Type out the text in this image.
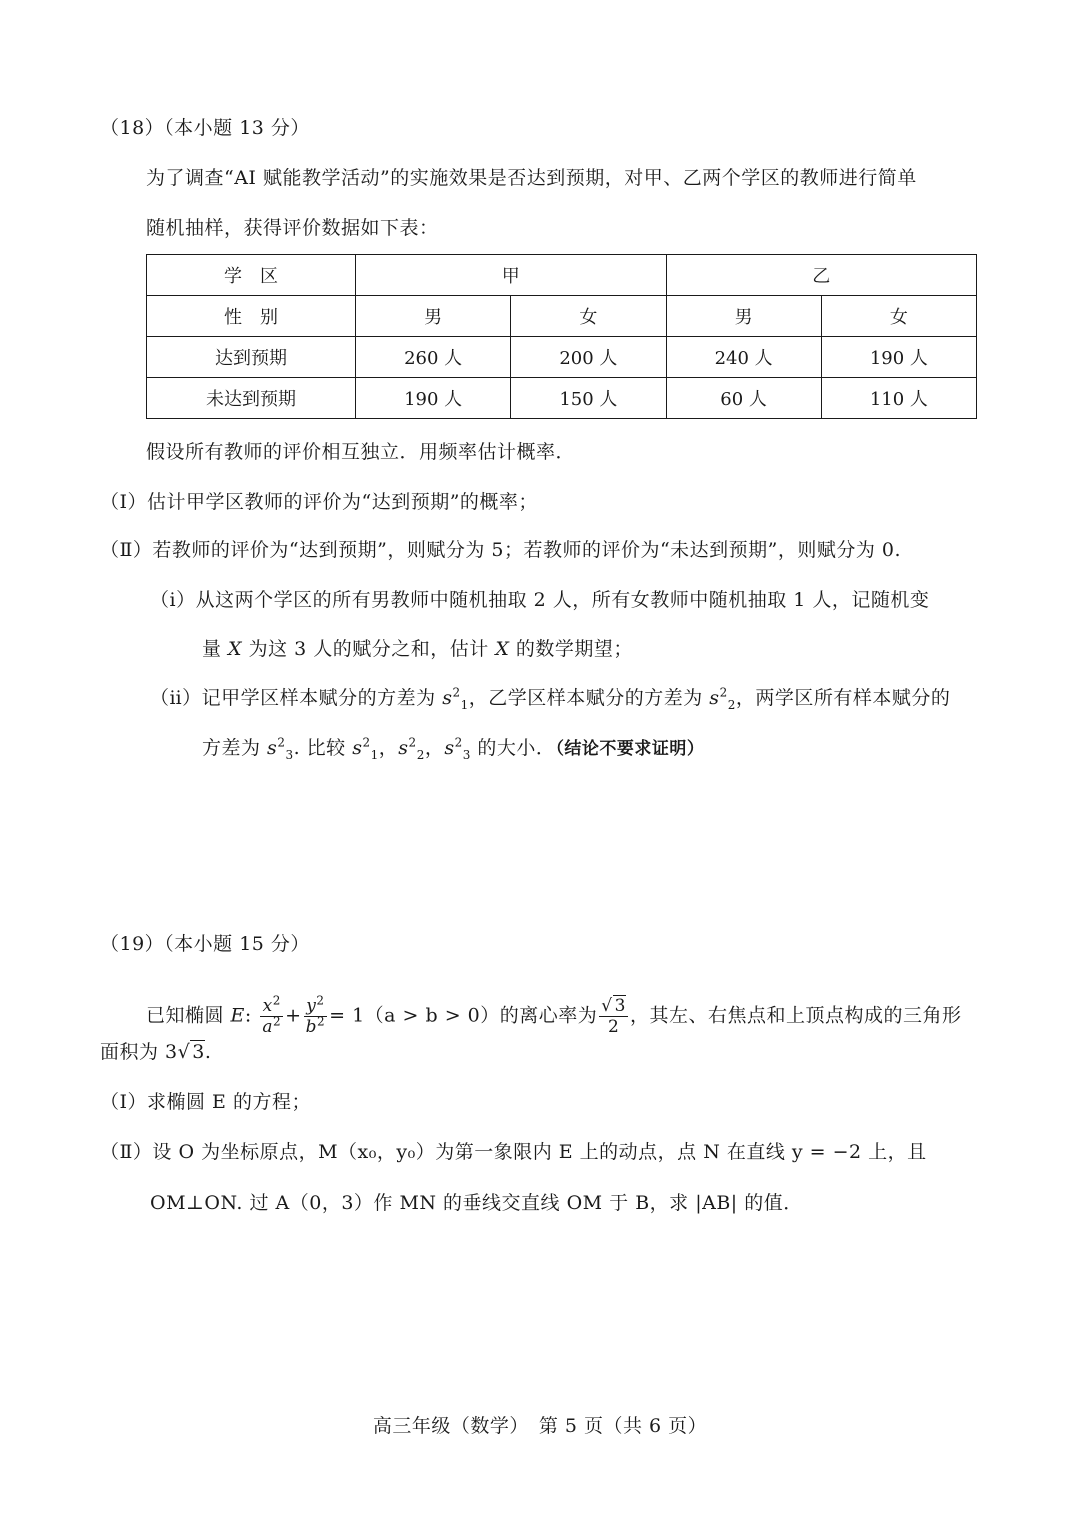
（18）（本小题 13 分）
为了调查“AI 赋能教学活动”的实施效果是否达到预期，对甲、乙两个学区的教师进行简单
随机抽样，获得评价数据如下表：
学　区	甲		乙	
性　别	男	女	男	女
达到预期	260 人	200 人	240 人	190 人
未达到预期	190 人	150 人	60 人	110 人
假设所有教师的评价相互独立．用频率估计概率．
（Ⅰ）估计甲学区教师的评价为“达到预期”的概率；
（Ⅱ）若教师的评价为“达到预期”，则赋分为 5；若教师的评价为“未达到预期”，则赋分为 0.
（ⅰ）从这两个学区的所有男教师中随机抽取 2 人，所有女教师中随机抽取 1 人，记随机变
量 X 为这 3 人的赋分之和，估计 X 的数学期望；
（ⅱ）记甲学区样本赋分的方差为 $s^2_1$，乙学区样本赋分的方差为 $s^2_2$，两学区所有样本赋分的
方差为 $s^2_3$. 比较 $s^2_1$，$s^2_2$，$s^2_3$ 的大小．（结论不要求证明）
（19）（本小题 15 分）
已知椭圆 E: $\frac{x^2}{a^2} + \frac{y^2}{b^2} = 1(a > b > 0)$的离心率为 $\frac{√ 3}{2}$ ，其左、右焦点和上顶点构成的三角形
面积为 3√ 3.
（Ⅰ）求椭圆 E 的方程；
（Ⅱ）设 O 为坐标原点，M（x₀，y₀）为第一象限内 E 上的动点，点 N 在直线 y = −2 上，且
OM⊥ON. 过 A（0，3）作 MN 的垂线交直线 OM 于 B，求 |AB| 的值．
高三年级（数学）　第 5 页（共 6 页）
